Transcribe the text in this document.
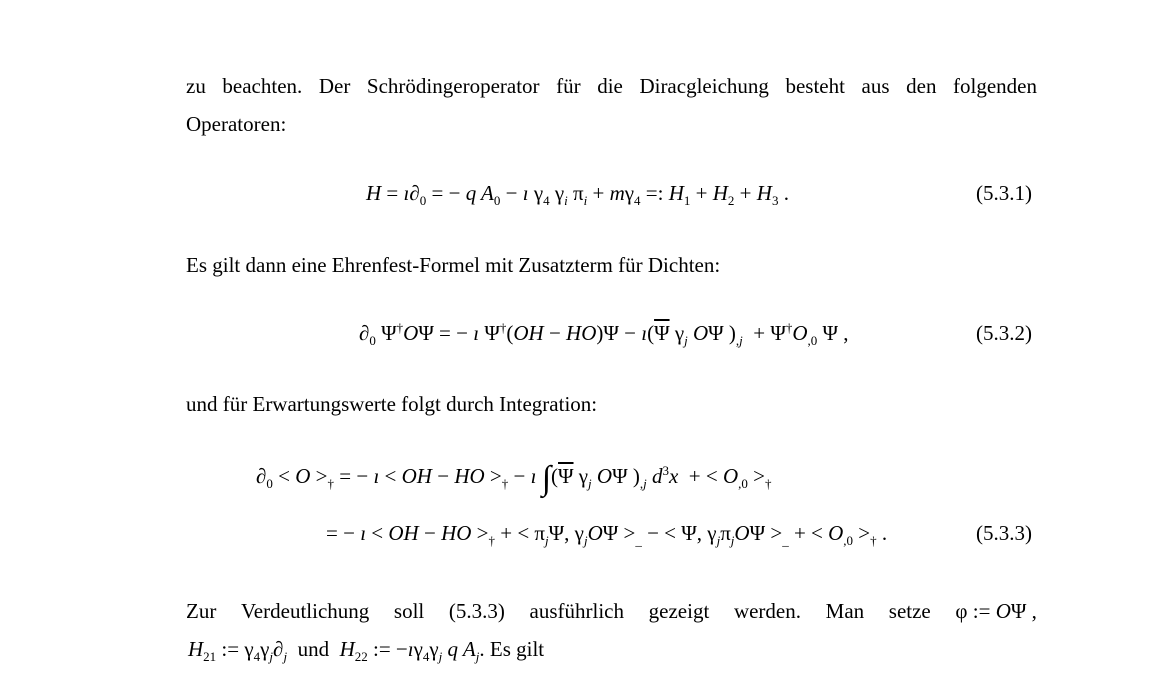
zu beachten. Der Schrödingeroperator für die Diracgleichung besteht aus den folgenden
Operatoren:
$H = ı\partial_0$ = − q $A_0$ − ı $\gamma_4$ $\gamma_i$ $\pi_i + m\gamma_4$ =: $H_1 + H_2 + H_3$ .	(5.3.1)
Es gilt dann eine Ehrenfest-Formel mit Zusatzterm für Dichten:
$\partial_0$ Ψ†OΨ = − ı $\Psi^\dagger(OH - HO)\Psi - ı(\overline{\Psi}$ $\gamma_j$ OΨ )$_{,j} + \Psi^\dagger O_{,0}$ Ψ ,	(5.3.2)
und für Erwartungswerte folgt durch Integration:
$\partial_0 < O >_\dagger$ = − ı < OH − HO $>_\dagger$ − ı $\int(\overline{\Psi}$ $\gamma_j$ OΨ )$_{,j}$ $d^3x$  + < $O_{,0} >_\dagger$
= − ı < OH − HO $>_\dagger$ + < $\pi_j\Psi$, $\gamma_jO\Psi >_{\_}$ − < Ψ, $\gamma_j\pi_jO\Psi >_{\_}$ + < $O_{,0} >_\dagger$ .	(5.3.3)
Zur Verdeutlichung soll (5.3.3) ausführlich gezeigt werden. Man setze φ := OΨ ,
$H_{21}$ := $\gamma_4\gamma_j\partial_j$ und $H_{22}$ := $-ı\gamma_4\gamma_j$ q $A_j$. Es gilt
